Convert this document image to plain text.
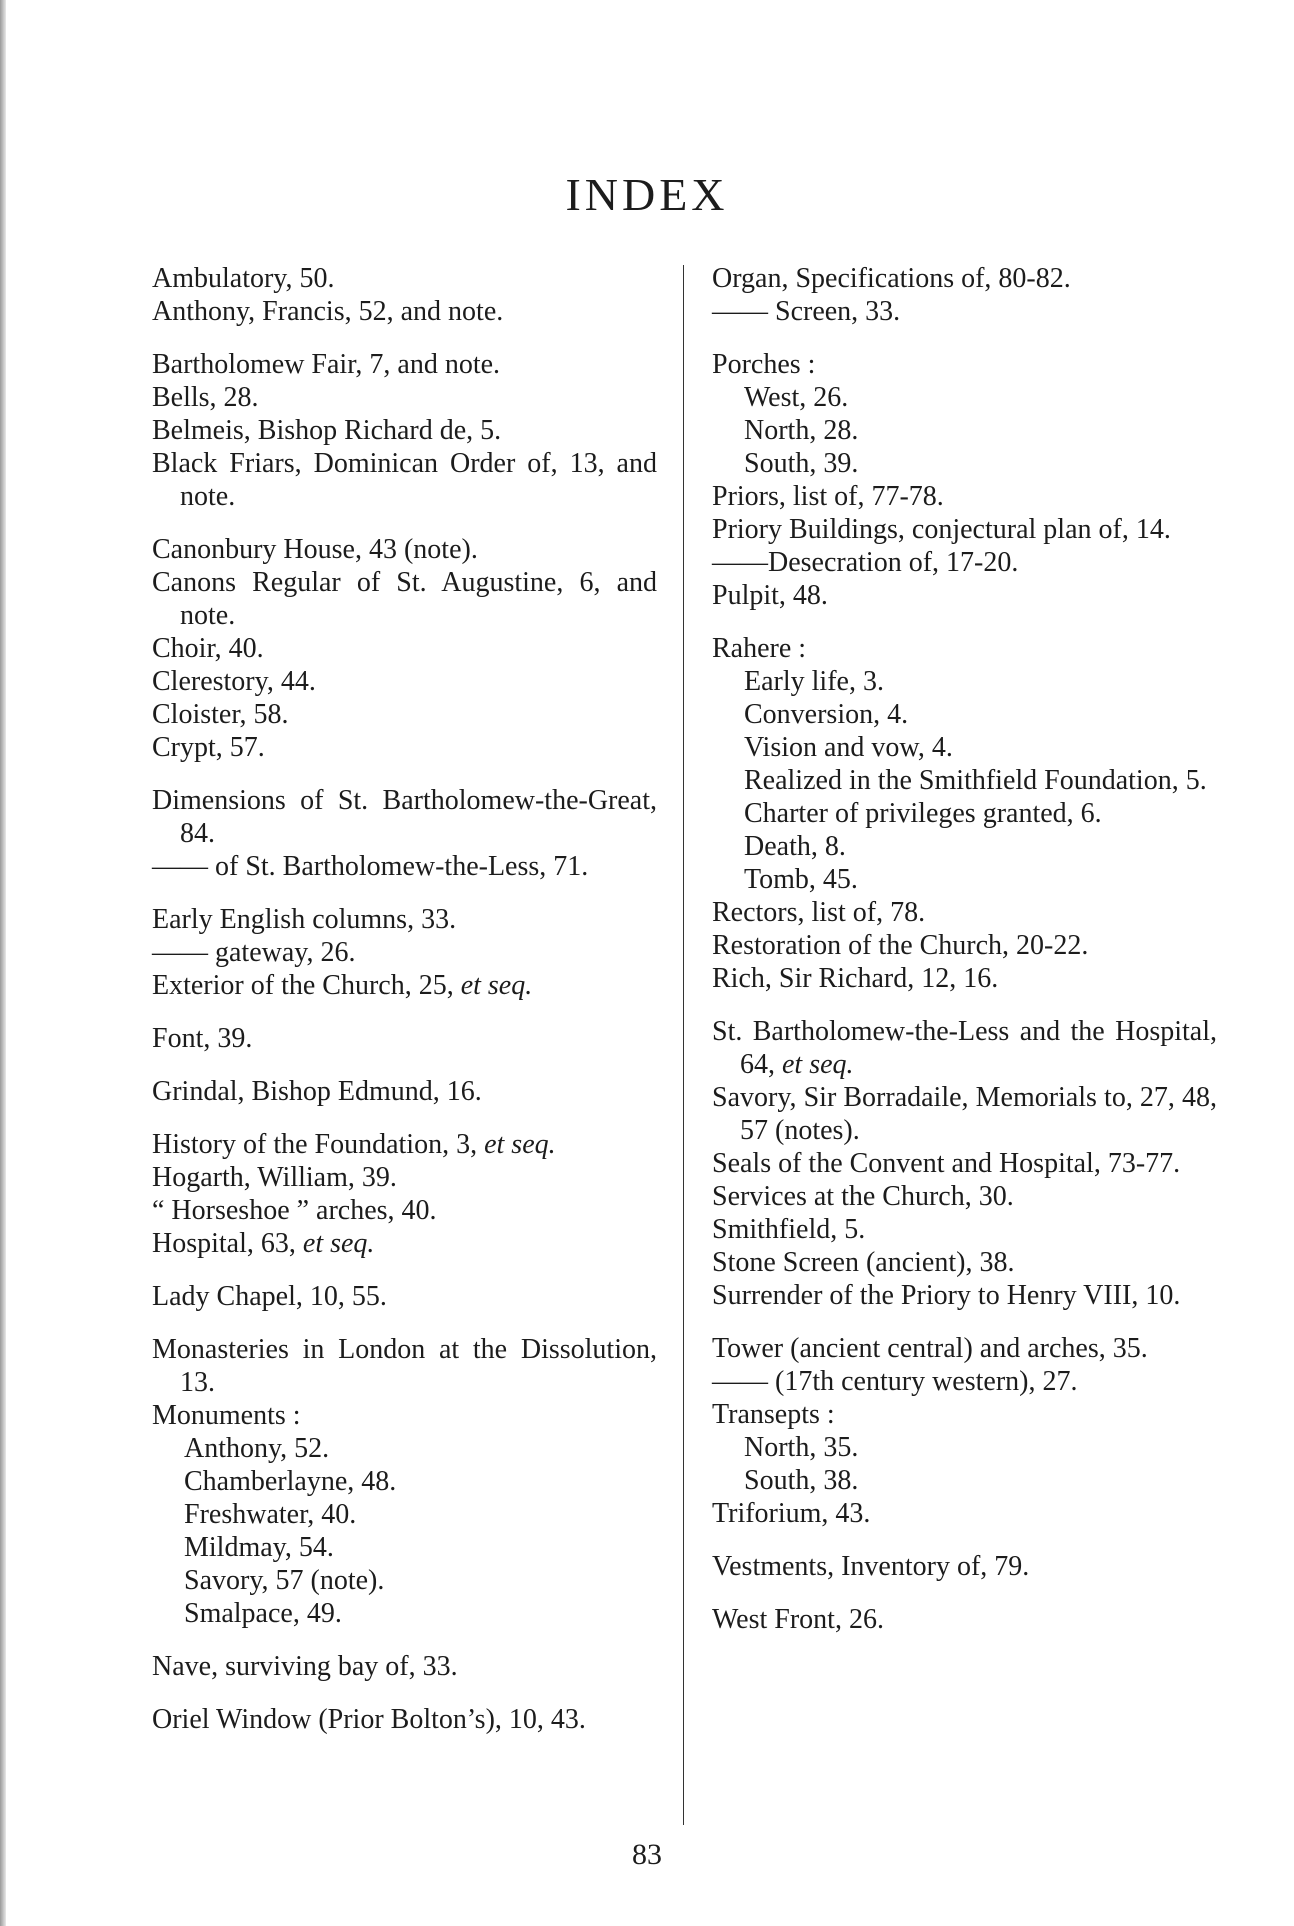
INDEX
Ambulatory, 50.
Anthony, Francis, 52, and note.
Bartholomew Fair, 7, and note.
Bells, 28.
Belmeis, Bishop Richard de, 5.
Black Friars, Dominican Order of, 13, and note.
Canonbury House, 43 (note).
Canons Regular of St. Augustine, 6, and note.
Choir, 40.
Clerestory, 44.
Cloister, 58.
Crypt, 57.
Dimensions of St. Bartholomew-the-Great, 84.
—— of St. Bartholomew-the-Less, 71.
Early English columns, 33.
—— gateway, 26.
Exterior of the Church, 25, et seq.
Font, 39.
Grindal, Bishop Edmund, 16.
History of the Foundation, 3, et seq.
Hogarth, William, 39.
“ Horseshoe ” arches, 40.
Hospital, 63, et seq.
Lady Chapel, 10, 55.
Monasteries in London at the Dissolution, 13.
Monuments :
Anthony, 52.
Chamberlayne, 48.
Freshwater, 40.
Mildmay, 54.
Savory, 57 (note).
Smalpace, 49.
Nave, surviving bay of, 33.
Oriel Window (Prior Bolton’s), 10, 43.
Organ, Specifications of, 80-82.
—— Screen, 33.
Porches :
West, 26.
North, 28.
South, 39.
Priors, list of, 77-78.
Priory Buildings, conjectural plan of, 14.
——Desecration of, 17-20.
Pulpit, 48.
Rahere :
Early life, 3.
Conversion, 4.
Vision and vow, 4.
Realized in the Smithfield Foundation, 5.
Charter of privileges granted, 6.
Death, 8.
Tomb, 45.
Rectors, list of, 78.
Restoration of the Church, 20-22.
Rich, Sir Richard, 12, 16.
St. Bartholomew-the-Less and the Hospital, 64, et seq.
Savory, Sir Borradaile, Memorials to, 27, 48, 57 (notes).
Seals of the Convent and Hospital, 73-77.
Services at the Church, 30.
Smithfield, 5.
Stone Screen (ancient), 38.
Surrender of the Priory to Henry VIII, 10.
Tower (ancient central) and arches, 35.
—— (17th century western), 27.
Transepts :
North, 35.
South, 38.
Triforium, 43.
Vestments, Inventory of, 79.
West Front, 26.
83
